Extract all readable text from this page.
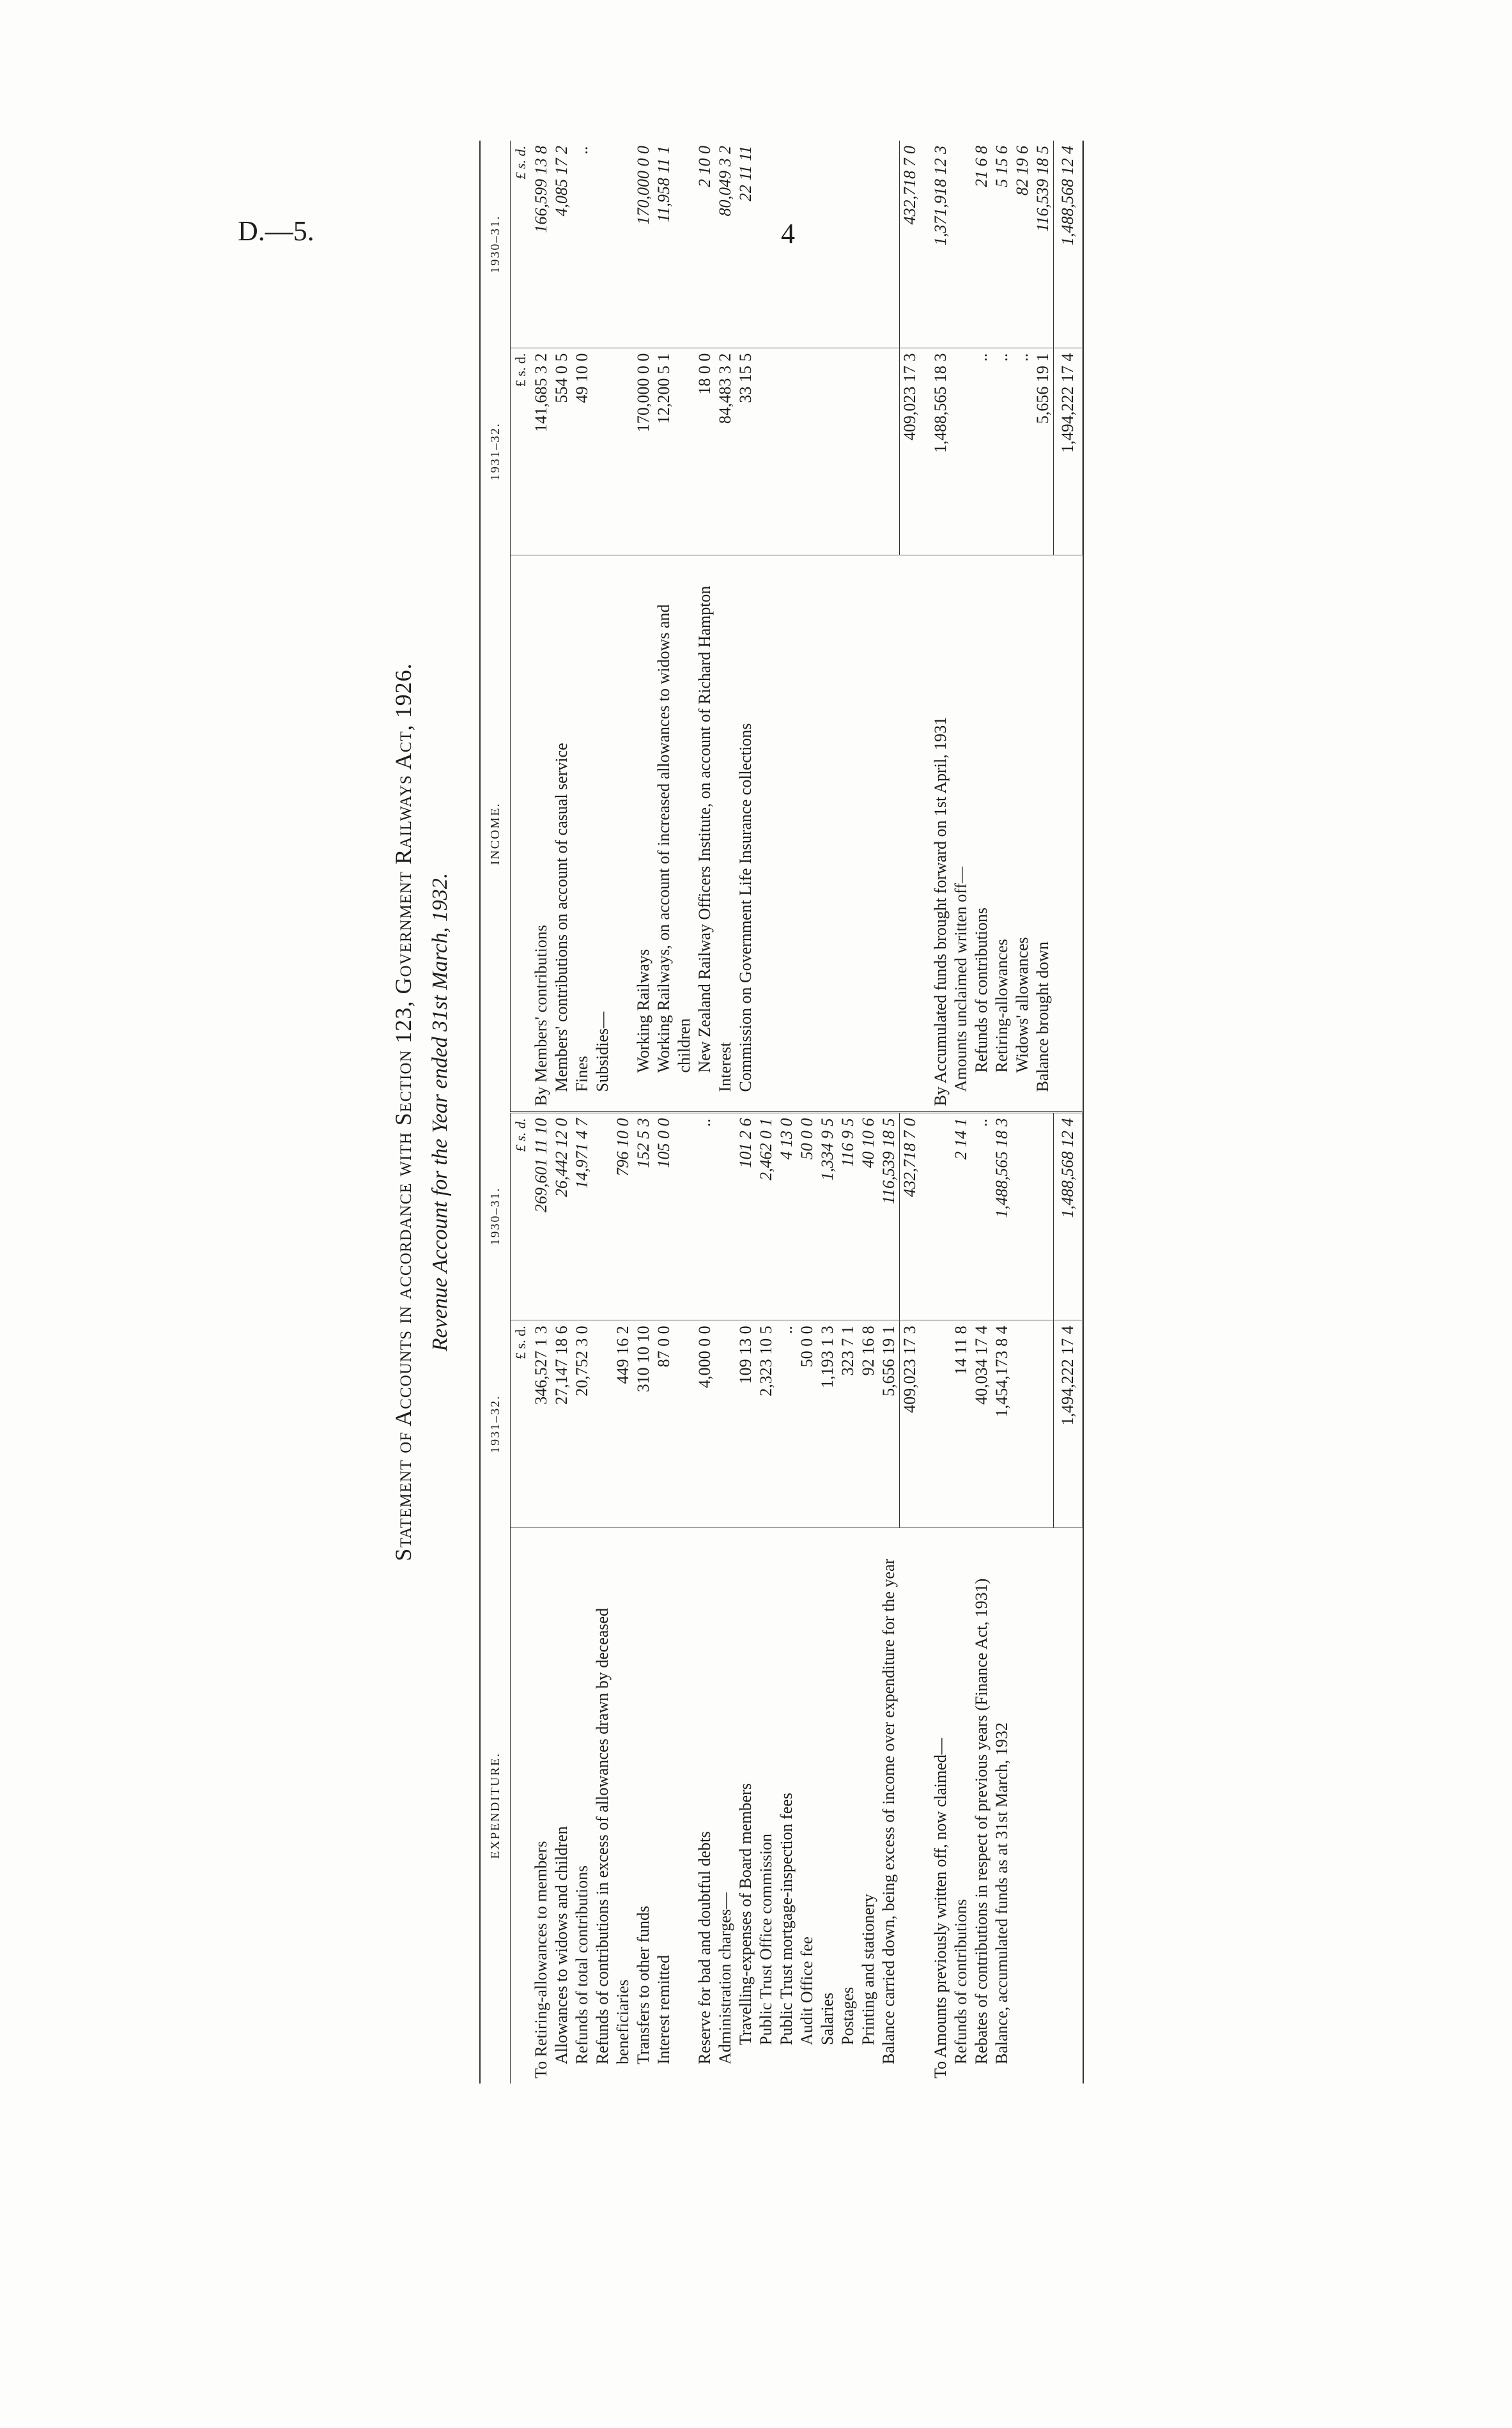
D.—5.	4
Statement of Accounts in accordance with Section 123, Government Railways Act, 1926. Revenue Account for the Year ended 31st March, 1932.
EXPENDITURE.	1931–32.	1930–31.	INCOME.	1931–32.	1930–31.
	£ s. d.	£ s. d.		£ s. d.	£ s. d.
To Retiring-allowances to members	346,527 1 3	269,601 11 10	By Members' contributions	141,685 3 2	166,599 13 8
Allowances to widows and children	27,147 18 6	26,442 12 0	Members' contributions on account of casual service	554 0 5	4,085 17 2
Refunds of total contributions	20,752 3 0	14,971 4 7	Fines	49 10 0	..
Refunds of contributions in excess of allowances drawn by deceased beneficiaries	449 16 2	796 10 0	Subsidies—		
Transfers to other funds	310 10 10	152 5 3	Working Railways	170,000 0 0	170,000 0 0
Interest remitted	87 0 0	105 0 0	Working Railways, on account of increased allowances to widows and children	12,200 5 1	11,958 11 1
Reserve for bad and doubtful debts	4,000 0 0	..	New Zealand Railway Officers Institute, on account of Richard Hampton	18 0 0	2 10 0
Administration charges—			Interest	84,483 3 2	80,049 3 2
Travelling-expenses of Board members	109 13 0	101 2 6	Commission on Government Life Insurance collections	33 15 5	22 11 11
Public Trust Office commission	2,323 10 5	2,462 0 1			
Public Trust mortgage-inspection fees	..	4 13 0			
Audit Office fee	50 0 0	50 0 0			
Salaries	1,193 1 3	1,334 9 5			
Postages	323 7 1	116 9 5			
Printing and stationery	92 16 8	40 10 6			
Balance carried down, being excess of income over expenditure for the year	5,656 19 1	116,539 18 5			
	409,023 17 3	432,718 7 0		409,023 17 3	432,718 7 0

To Amounts previously written off, now claimed—			By Accumulated funds brought forward on 1st April, 1931	1,488,565 18 3	1,371,918 12 3
Refunds of contributions	14 11 8	2 14 1	Amounts unclaimed written off—		
Rebates of contributions in respect of previous years (Finance Act, 1931)	40,034 17 4	..	Refunds of contributions	..	21 6 8
Balance, accumulated funds as at 31st March, 1932	1,454,173 8 4	1,488,565 18 3	Retiring-allowances	..	5 15 6
			Widows' allowances	..	82 19 6
			Balance brought down	5,656 19 1	116,539 18 5
	1,494,222 17 4	1,488,568 12 4		1,494,222 17 4	1,488,568 12 4
